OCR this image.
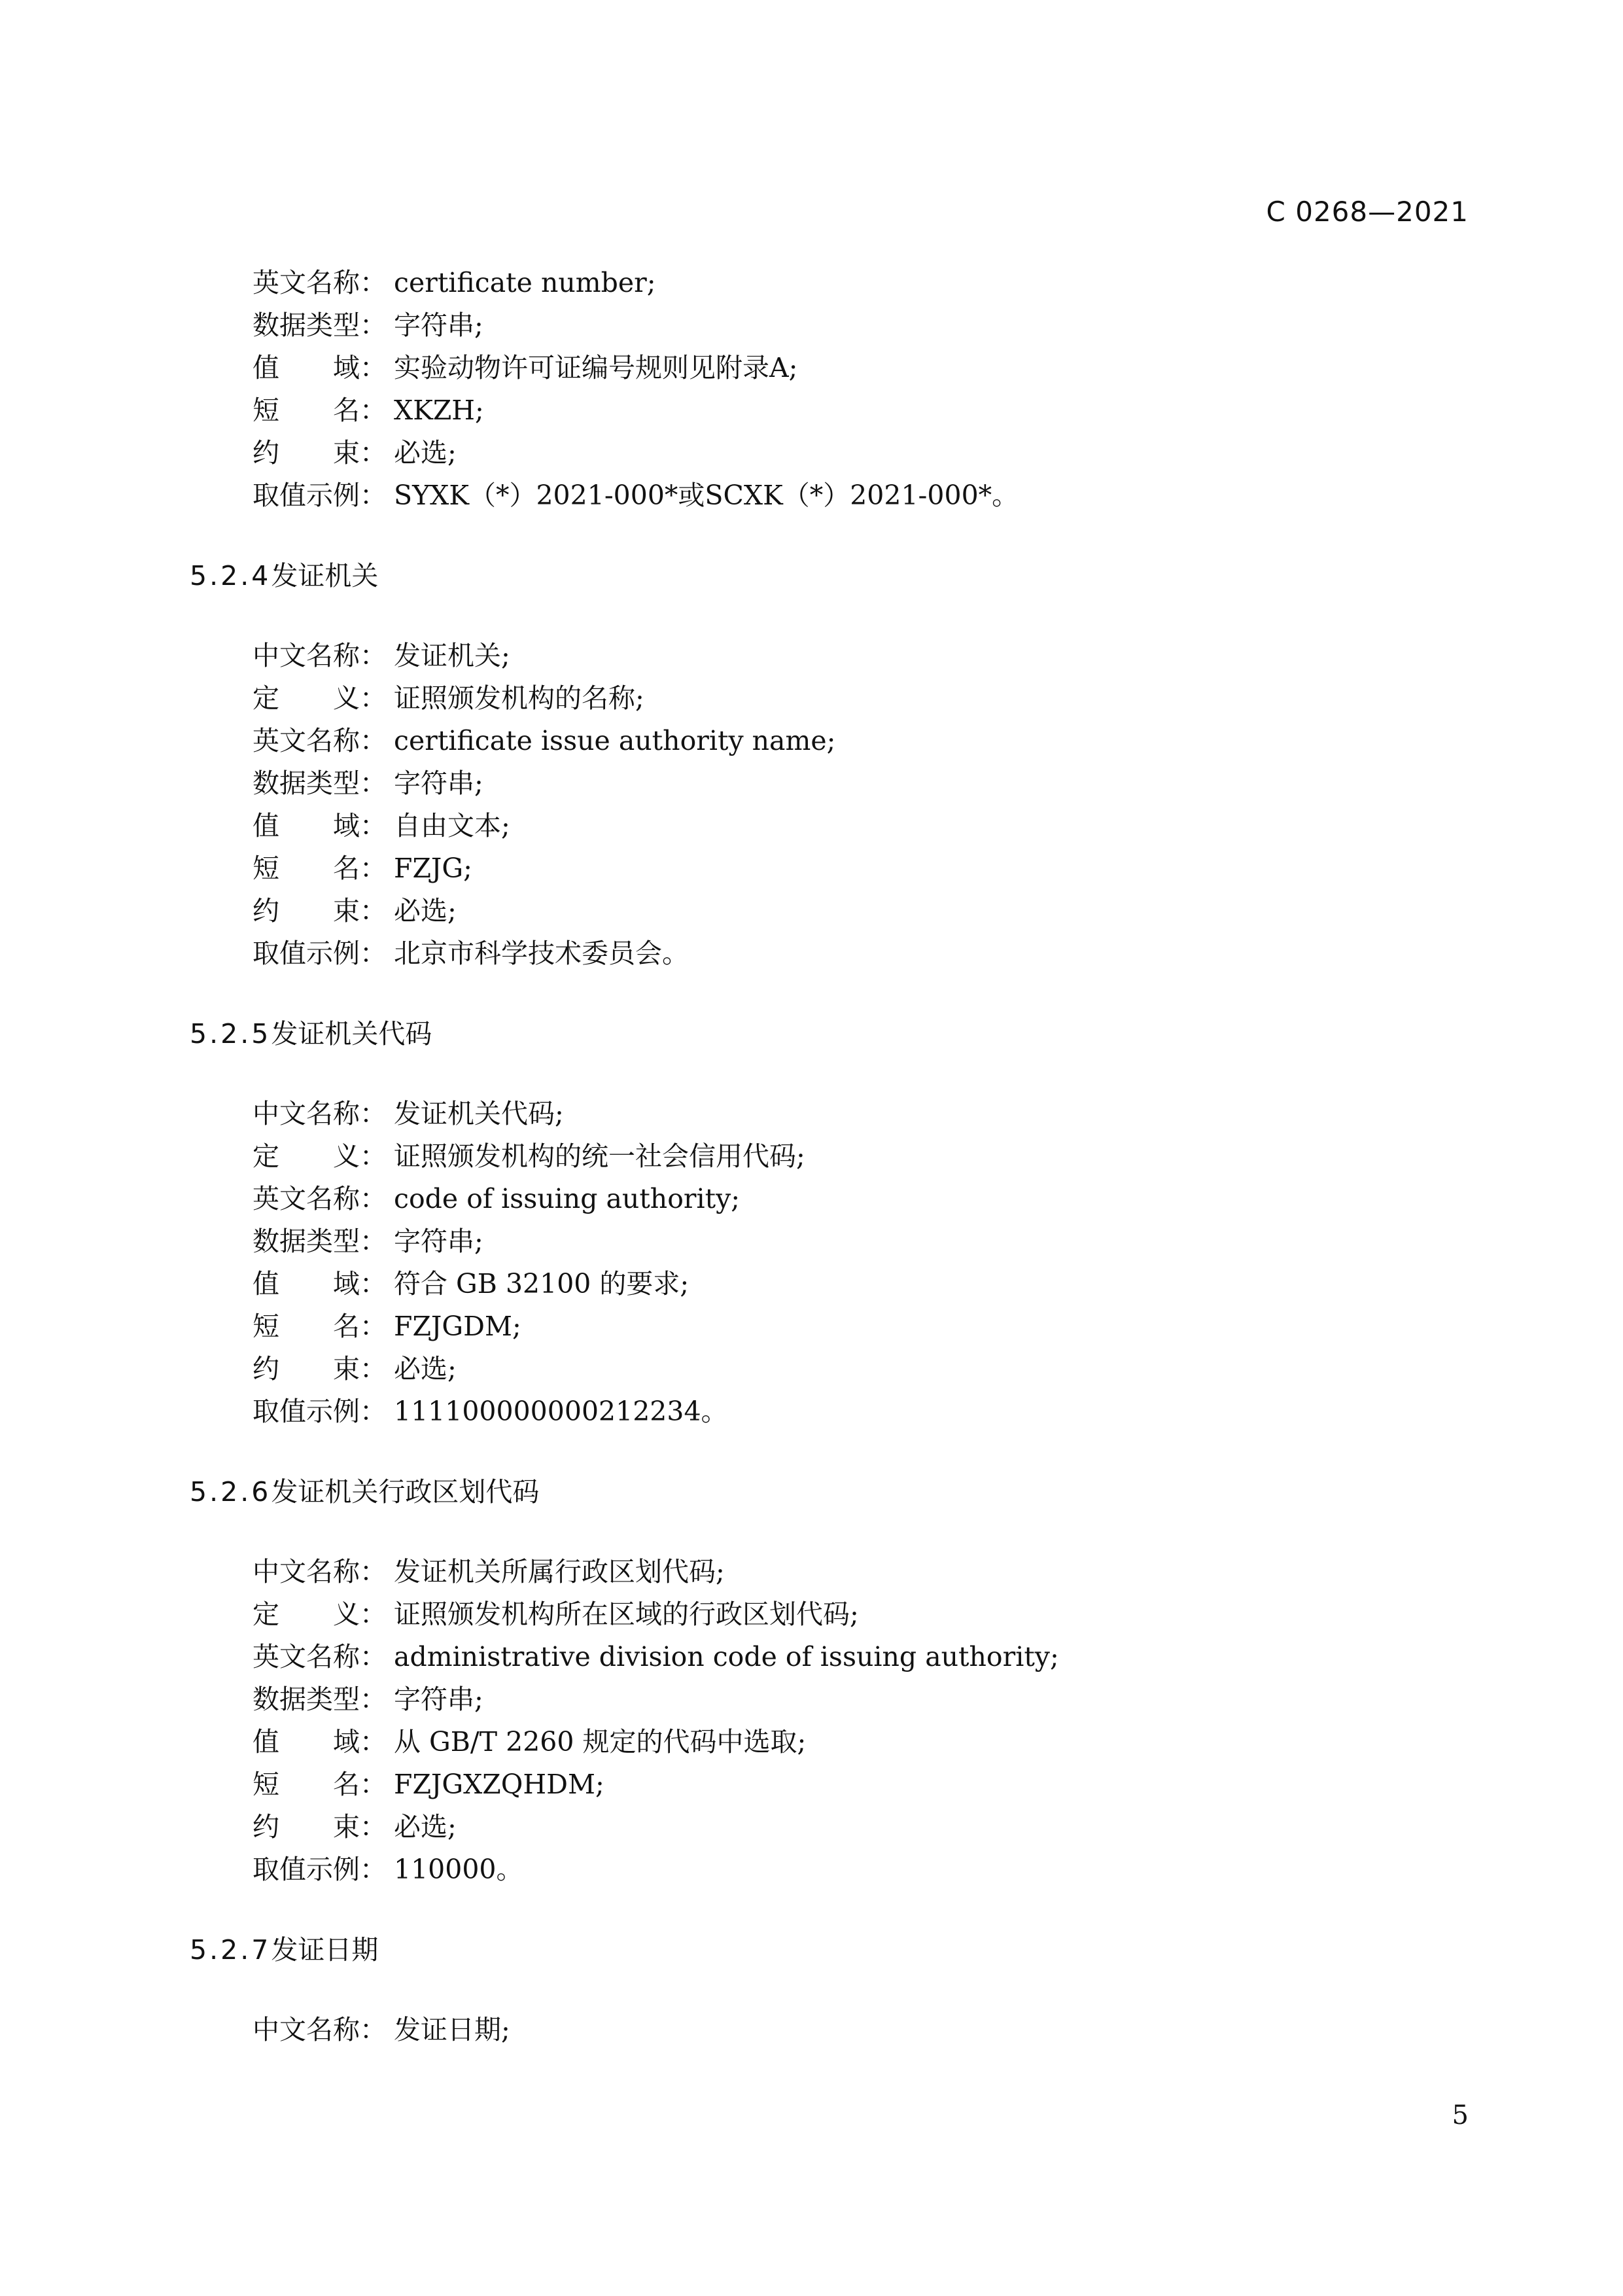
C 0268—2021
英文名称： certificate number;
数据类型： 字符串;
值　　域： 实验动物许可证编号规则见附录A;
短　　名： XKZH;
约　　束： 必选;
取值示例： SYXK（*）2021-000*或SCXK（*）2021-000*。
5.2.4发证机关
中文名称： 发证机关;
定　　义： 证照颁发机构的名称;
英文名称： certificate issue authority name;
数据类型： 字符串;
值　　域： 自由文本;
短　　名： FZJG;
约　　束： 必选;
取值示例： 北京市科学技术委员会。
5.2.5发证机关代码
中文名称： 发证机关代码;
定　　义： 证照颁发机构的统一社会信用代码;
英文名称： code of issuing authority;
数据类型： 字符串;
值　　域： 符合 GB 32100 的要求;
短　　名： FZJGDM;
约　　束： 必选;
取值示例： 111100000000212234。
5.2.6发证机关行政区划代码
中文名称： 发证机关所属行政区划代码;
定　　义： 证照颁发机构所在区域的行政区划代码;
英文名称： administrative division code of issuing authority;
数据类型： 字符串;
值　　域： 从 GB/T 2260 规定的代码中选取;
短　　名： FZJGXZQHDM;
约　　束： 必选;
取值示例： 110000。
5.2.7发证日期
中文名称： 发证日期;
5
